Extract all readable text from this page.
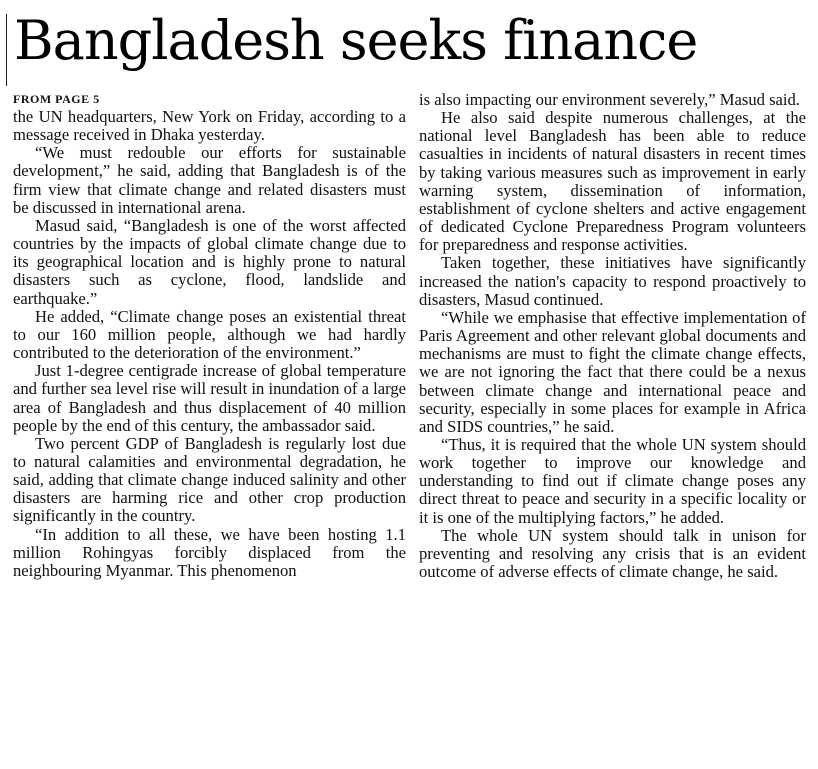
Bangladesh seeks finance
FROM PAGE 5

the UN headquarters, New York on Friday, according to a message received in Dhaka yesterday.

“We must redouble our efforts for sustainable development,” he said, adding that Bangladesh is of the firm view that climate change and related disasters must be discussed in international arena.

Masud said, “Bangladesh is one of the worst affected countries by the impacts of global climate change due to its geographical location and is highly prone to natural disasters such as cyclone, flood, landslide and earthquake.”

He added, “Climate change poses an existential threat to our 160 million people, although we had hardly contributed to the deterioration of the environment.”

Just 1-degree centigrade increase of global temperature and further sea level rise will result in inundation of a large area of Bangladesh and thus displacement of 40 million people by the end of this century, the ambassador said.

Two percent GDP of Bangladesh is regularly lost due to natural calamities and environmental degradation, he said, adding that climate change induced salinity and other disasters are harming rice and other crop production significantly in the country.

“In addition to all these, we have been hosting 1.1 million Rohingyas forcibly displaced from the neighbouring Myanmar. This phenomenon

is also impacting our environment severely,” Masud said.

He also said despite numerous challenges, at the national level Bangladesh has been able to reduce casualties in incidents of natural disasters in recent times by taking various measures such as improvement in early warning system, dissemination of information, establishment of cyclone shelters and active engagement of dedicated Cyclone Preparedness Program volunteers for preparedness and response activities.

Taken together, these initiatives have significantly increased the nation's capacity to respond proactively to disasters, Masud continued.

“While we emphasise that effective implementation of Paris Agreement and other relevant global documents and mechanisms are must to fight the climate change effects, we are not ignoring the fact that there could be a nexus between climate change and international peace and security, especially in some places for example in Africa and SIDS countries,” he said.

“Thus, it is required that the whole UN system should work together to improve our knowledge and understanding to find out if climate change poses any direct threat to peace and security in a specific locality or it is one of the multiplying factors,” he added.

The whole UN system should talk in unison for preventing and resolving any crisis that is an evident outcome of adverse effects of climate change, he said.
